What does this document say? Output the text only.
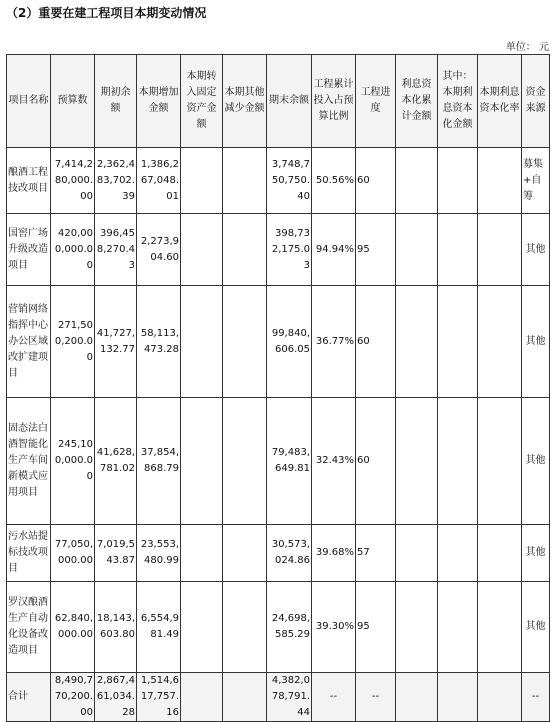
（2）重要在建工程项目本期变动情况
单位： 元
项目名称	预算数	期初余额	本期增加金额	本期转入固定资产金额	本期其他减少金额	期末余额	工程累计投入占预算比例	工程进度	利息资本化累计金额	其中：本期利息资本化金额	本期利息资本化率	资金来源
酿酒工程技改项目	7,414,280,000.00	2,362,483,702.39	1,386,267,048.01			3,748,750,750.40	50.56%	60				募集+自筹
国窖广场升级改造项目	420,000,000.00	396,458,270.43	2,273,904.60			398,732,175.03	94.94%	95				其他
营销网络指挥中心办公区域改扩建项目	271,500,200.00	41,727,132.77	58,113,473.28			99,840,606.05	36.77%	60				其他
固态法白酒智能化生产车间新模式应用项目	245,100,000.00	41,628,781.02	37,854,868.79			79,483,649.81	32.43%	60				其他
污水站提标技改项目	77,050,000.00	7,019,543.87	23,553,480.99			30,573,024.86	39.68%	57				其他
罗汉酿酒生产自动化设备改造项目	62,840,000.00	18,143,603.80	6,554,981.49			24,698,585.29	39.30%	95				其他
合计	8,490,770,200.00	2,867,461,034.28	1,514,617,757.16			4,382,078,791.44	--	--				--
